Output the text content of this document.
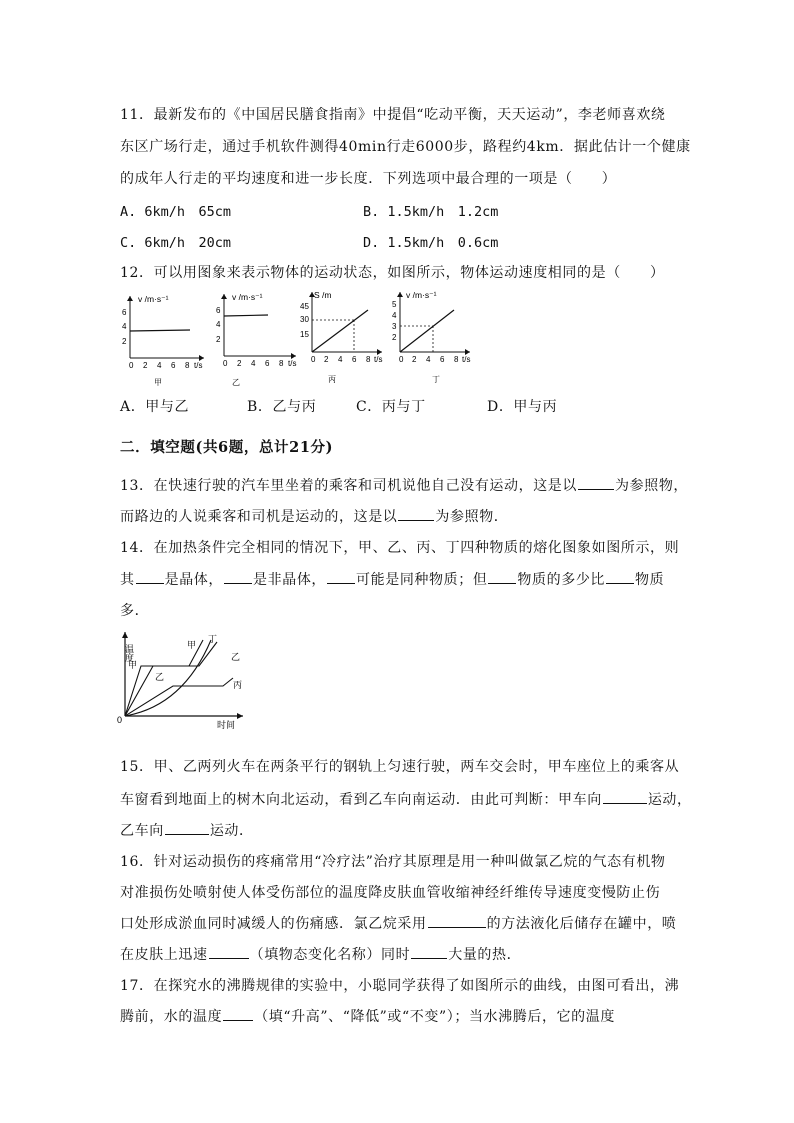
11．最新发布的《中国居民膳食指南》中提倡“吃动平衡，天天运动”，李老师喜欢绕
东区广场行走，通过手机软件测得40min行走6000步，路程约4km．据此估计一个健康
的成年人行走的平均速度和进一步长度．下列选项中最合理的一项是（　　）
A. 6km/h　65cm	B. 1.5km/h　1.2cm
C. 6km/h　20cm	D. 1.5km/h　0.6cm
12．可以用图象来表示物体的运动状态，如图所示，物体运动速度相同的是（　　）
v /m·s⁻¹
6
4
2
0 2 4 6 8 t/s
甲
v /m·s⁻¹
6
4
2
0 2 4 6 8 t/s
乙
S /m
45
30
15
0 2 4 6 8 t/s
丙
v /m·s⁻¹
5
4
3
2
0 2 4 6 8 t/s
丁
A．甲与乙	B．乙与丙	C．丙与丁	D．甲与丙
二．填空题(共6题，总计21分)
13．在快速行驶的汽车里坐着的乘客和司机说他自己没有运动，这是以	为参照物，
而路边的人说乘客和司机是运动的，这是以	为参照物．
14．在加热条件完全相同的情况下，甲、乙、丙、丁四种物质的熔化图象如图所示，则
其 是晶体， 是非晶体， 可能是同种物质；但 物质的多少比 物质
多．
温度
甲
0	时间
甲
丁
乙
乙
丙
15．甲、乙两列火车在两条平行的钢轨上匀速行驶，两车交会时，甲车座位上的乘客从
车窗看到地面上的树木向北运动，看到乙车向南运动．由此可判断：甲车向	运动，
乙车向	运动．
16．针对运动损伤的疼痛常用“冷疗法”治疗其原理是用一种叫做氯乙烷的气态有机物
对准损伤处喷射使人体受伤部位的温度降皮肤血管收缩神经纤维传导速度变慢防止伤
口处形成淤血同时减缓人的伤痛感．氯乙烷采用	的方法液化后储存在罐中，喷
在皮肤上迅速	（填物态变化名称）同时	大量的热．
17．在探究水的沸腾规律的实验中，小聪同学获得了如图所示的曲线，由图可看出，沸
腾前，水的温度 （填“升高”、“降低”或“不变”）；当水沸腾后，它的温度
